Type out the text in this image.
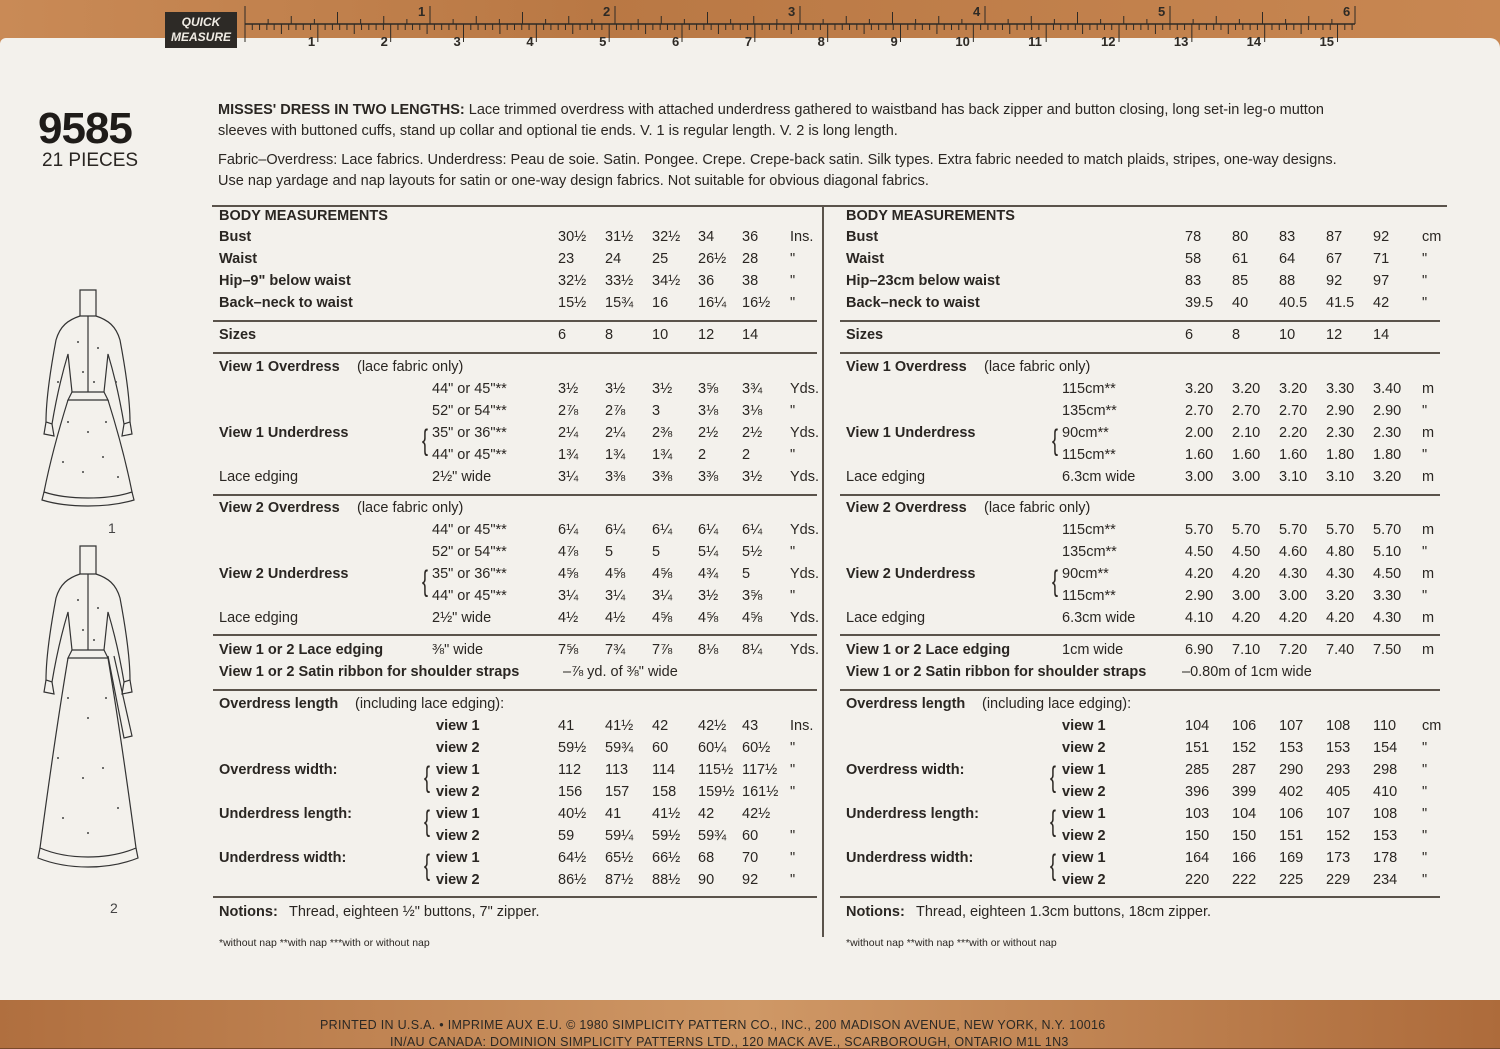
QUICK
MEASURE
1	2	3	4	5	6
1	2	3	4	5	6	7	8	9	10	11	12	13	14	15
9585
21 PIECES
MISSES' DRESS IN TWO LENGTHS: Lace trimmed overdress with attached underdress gathered to waistband has back zipper and button closing, long set-in leg-o mutton
sleeves with buttoned cuffs, stand up collar and optional tie ends. V. 1 is regular length. V. 2 is long length.
Fabric–Overdress: Lace fabrics. Underdress: Peau de soie. Satin. Pongee. Crepe. Crepe-back satin. Silk types. Extra fabric needed to match plaids, stripes, one-way designs.
Use nap yardage and nap layouts for satin or one-way design fabrics. Not suitable for obvious diagonal fabrics.
1
2
BODY MEASUREMENTS
Bust	30½ 31½ 32½ 34 36 Ins.
Waist	23 24 25 26½ 28 "
Hip–9" below waist	32½ 33½ 34½ 36 38 "
Back–neck to waist	15½ 15¾ 16 16¼ 16½ "
Sizes	6	8	10 12 14
View 1 Overdress (lace fabric only)
44" or 45"**	3½ 3½ 3½ 3⅝ 3¾ Yds.
52" or 54"**	2⅞ 2⅞ 3	3⅛ 3⅛ "
View 1 Underdress { 35" or 36"**	2¼ 2¼ 2⅜ 2½ 2½ Yds.
44" or 45"**	1¾ 1¾ 1¾ 2 2	"
Lace edging	2½" wide	3¼ 3⅜ 3⅜ 3⅜ 3½ Yds.
View 2 Overdress (lace fabric only)
44" or 45"**	6¼ 6¼ 6¼ 6¼ 6¼ Yds.
52" or 54"**	4⅞ 5	5	5¼ 5½ "
View 2 Underdress { 35" or 36"**	4⅝ 4⅝ 4⅝ 4¾ 5	Yds.
44" or 45"**	3¼ 3¼ 3¼ 3½ 3⅝ "
Lace edging	2½" wide	4½ 4½ 4⅝ 4⅝ 4⅝ Yds.
View 1 or 2 Lace edging	⅜" wide	7⅝ 7¾ 7⅞ 8⅛ 8¼ Yds.
View 1 or 2 Satin ribbon for shoulder straps	–⅞ yd. of ⅜" wide
Overdress length (including lace edging):
view 1	41 41½ 42 42½ 43 Ins.
view 2	59½ 59¾ 60 60¼ 60½ "
Overdress width:	{ view 1	112 113 114 115½ 117½ "
view 2	156 157 158 159½ 161½ "
Underdress length: { view 1	40½ 41 41½ 42 42½
view 2	59 59¼ 59½ 59¾ 60 "
Underdress width:	{ view 1	64½ 65½ 66½ 68 70 "
view 2	86½ 87½ 88½ 90 92 "
Notions: Thread, eighteen ½" buttons, 7" zipper.
*without nap **with nap ***with or without nap
BODY MEASUREMENTS
Bust	78 80 83 87 92 cm
Waist	58 61 64 67 71 "
Hip–23cm below waist	83 85 88 92 97 "
Back–neck to waist	39.5 40 40.5 41.5 42 "
Sizes	6	8	10 12 14
View 1 Overdress (lace fabric only)
115cm**	3.20 3.20 3.20 3.30 3.40 m
135cm**	2.70 2.70 2.70 2.90 2.90 "
View 1 Underdress	{ 90cm**	2.00 2.10 2.20 2.30 2.30 m
115cm**	1.60 1.60 1.60 1.80 1.80 "
Lace edging	6.3cm wide	3.00 3.00 3.10 3.10 3.20 m
View 2 Overdress (lace fabric only)
115cm**	5.70 5.70 5.70 5.70 5.70 m
135cm**	4.50 4.50 4.60 4.80 5.10 "
View 2 Underdress	{ 90cm**	4.20 4.20 4.30 4.30 4.50 m
115cm**	2.90 3.00 3.00 3.20 3.30 "
Lace edging	6.3cm wide	4.10 4.20 4.20 4.20 4.30 m
View 1 or 2 Lace edging	1cm wide	6.90 7.10 7.20 7.40 7.50 m
View 1 or 2 Satin ribbon for shoulder straps –0.80m of 1cm wide
Overdress length (including lace edging):
view 1	104 106 107 108 110 cm
view 2	151 152 153 153 154 "
Overdress width:	{ view 1	285 287 290 293 298 "
view 2	396 399 402 405 410 "
Underdress length: { view 1	103 104 106 107 108 "
view 2	150 150 151 152 153 "
Underdress width:	{ view 1	164 166 169 173 178 "
view 2	220 222 225 229 234 "
Notions: Thread, eighteen 1.3cm buttons, 18cm zipper.
*without nap **with nap ***with or without nap
PRINTED IN U.S.A. • IMPRIME AUX E.U. © 1980 SIMPLICITY PATTERN CO., INC., 200 MADISON AVENUE, NEW YORK, N.Y. 10016
IN/AU CANADA: DOMINION SIMPLICITY PATTERNS LTD., 120 MACK AVE., SCARBOROUGH, ONTARIO M1L 1N3
